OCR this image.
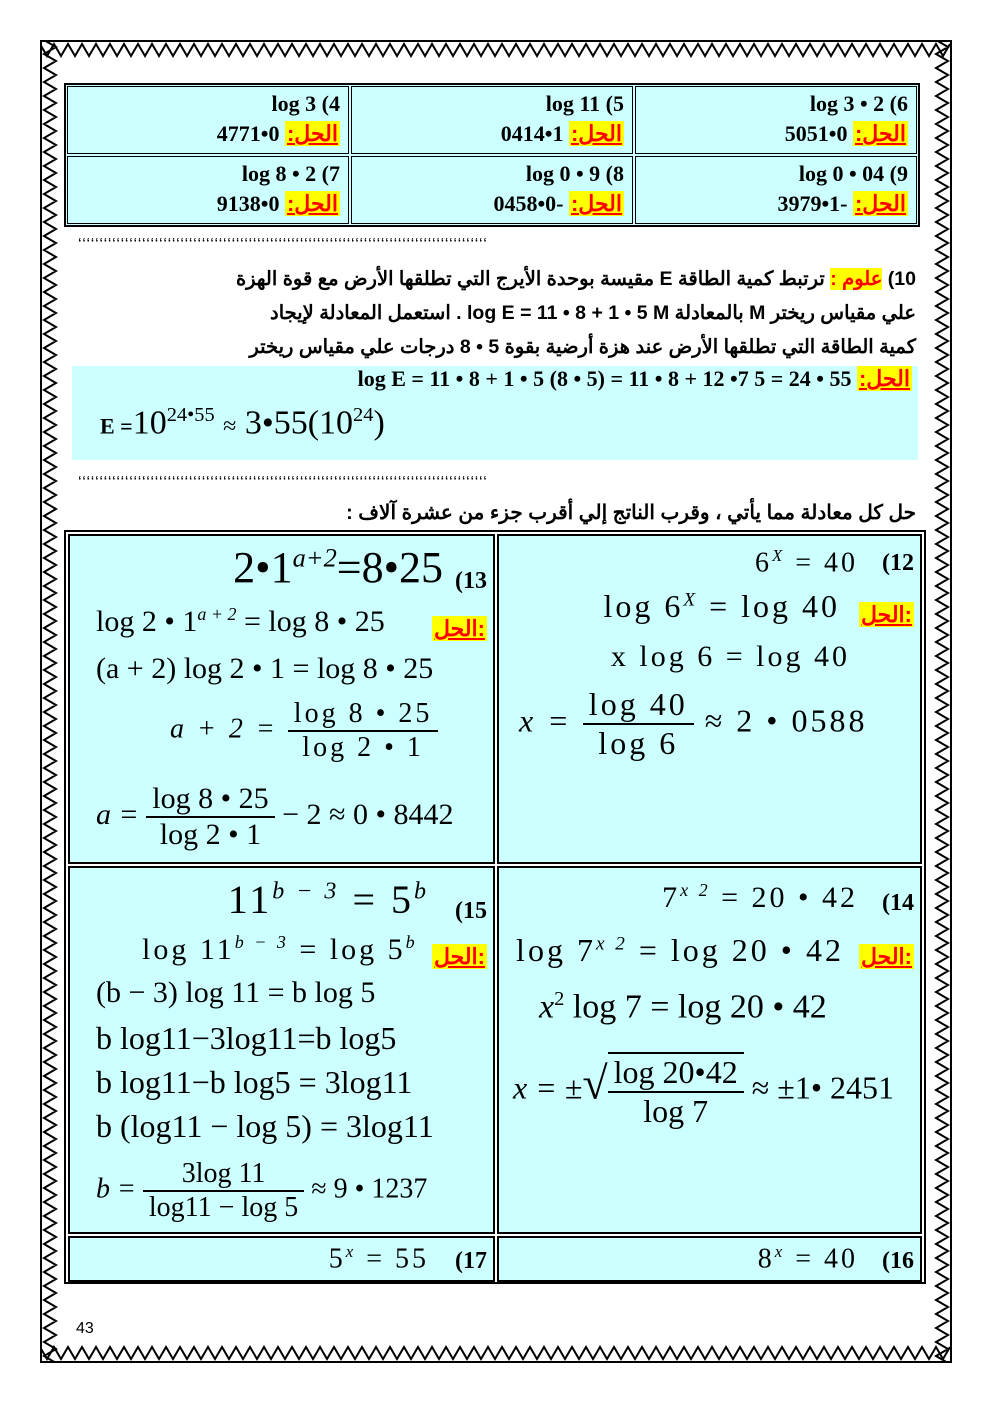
log 3 • 2 (6
الحل: 0•5051
log 11 (5
الحل: 1•0414
log 3 (4
الحل: 0•4771
log 0 • 04 (9
الحل: -1•3979
log 0 • 9 (8
الحل: -0•0458
log 8 • 2 (7
الحل: 0•9138
‘‘‘‘‘‘‘‘‘‘‘‘‘‘‘‘‘‘‘‘‘‘‘‘‘‘‘‘‘‘‘‘‘‘‘‘‘‘‘‘‘‘‘‘‘‘‘‘‘‘‘‘‘‘‘‘‘‘‘‘‘‘‘‘‘‘‘‘‘‘‘‘‘‘‘‘‘‘‘‘‘‘‘‘‘‘‘‘‘‘‘‘‘‘‘‘
10) علوم : ترتبط كمية الطاقة E مقيسة بوحدة الأيرج التي تطلقها الأرض مع قوة الهزة
علي مقياس ريختر M بالمعادلة log E = 11 • 8 + 1 • 5 M . استعمل المعادلة لإيجاد
كمية الطاقة التي تطلقها الأرض عند هزة أرضية بقوة 5 • 8 درجات علي مقياس ريختر
الحل: log E = 11 • 8 + 1 • 5 (8 • 5) = 11 • 8 + 12 •7 5 = 24 • 55
$E =10^{24•55}$ ≈ $3•55(10^{24})$
‘‘‘‘‘‘‘‘‘‘‘‘‘‘‘‘‘‘‘‘‘‘‘‘‘‘‘‘‘‘‘‘‘‘‘‘‘‘‘‘‘‘‘‘‘‘‘‘‘‘‘‘‘‘‘‘‘‘‘‘‘‘‘‘‘‘‘‘‘‘‘‘‘‘‘‘‘‘‘‘‘‘‘‘‘‘‘‘‘‘‘‘‘‘‘‘
حل كل معادلة مما يأتي ، وقرب الناتج إلي أقرب جزء من عشرة آلاف :
(12
$6^X = 40$
الحل:
$\log 6^X = \log 40$
x log 6 = log 40
$x = \frac{\log 40}{\log 6} \approx 2$ • 0588
(13
$2•1^{a+2}=8•25$
الحل:
log 2 • $1^{a + 2} = \log 8$ • 25
(a + 2) log 2 • 1 = log 8 • 25
$a + 2 = \frac{\log 8 • 25}{\log 2 • 1}$
$a = \frac{\log 8 • 25}{\log 2 • 1} - 2 \approx 0$ • 8442
(14
$7^{x 2} = 20$ • 42
الحل:
$\log 7^{x 2} = \log 20$ • 42
$x^2$ log 7 = log 20 • 42
x = ±√ $\frac{\log 20•42}{\log 7}$ ≈ ±1• 2451
(15
$11^{b - 3} = 5^b$
الحل:
$\log 11^{b - 3} = \log 5^b$
(b − 3) log 11 = b log 5
b log11−3log11=b log5
b log11−b log5 = 3log11
b (log11 − log 5) = 3log11
$b = \frac{3\log 11}{\log 11 - \log 5} \approx 9$ • 1237
(16
$8^x = 40$
(17
$5^x = 55$
43
